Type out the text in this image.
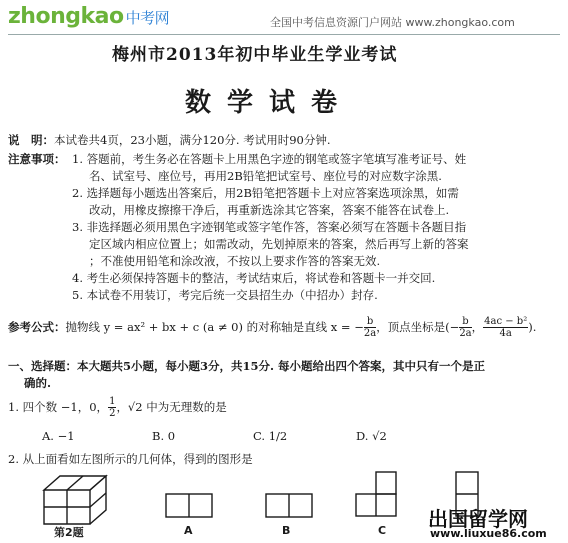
zhongkao 中考网	全国中考信息资源门户网站 www.zhongkao.com
梅州市2013年初中毕业生学业考试
数学试卷
说　明：本试卷共4页，23小题，满分120分. 考试用时90分钟.
注意事项： 1. 答题前，考生务必在答题卡上用黑色字迹的钢笔或签字笔填写准考证号、姓
名、试室号、座位号，再用2B铅笔把试室号、座位号的对应数字涂黑.
2. 选择题每小题选出答案后，用2B铅笔把答题卡上对应答案选项涂黑，如需
改动，用橡皮擦擦干净后，再重新选涂其它答案，答案不能答在试卷上.
3. 非选择题必须用黑色字迹钢笔或签字笔作答，答案必须写在答题卡各题目指
定区域内相应位置上；如需改动，先划掉原来的答案，然后再写上新的答案
；不准使用铅笔和涂改液，不按以上要求作答的答案无效.
4. 考生必须保持答题卡的整洁，考试结束后，将试卷和答题卡一并交回.
5. 本试卷不用装订，考完后统一交县招生办（中招办）封存.
参考公式： 抛物线 y = ax² + bx + c (a ≠ 0) 的对称轴是直线 x = − $\frac{b}{2a}$ ，顶点坐标是(− $\frac{b}{2a}$ ， $\frac{\text{4ac − b²}}{4a}$ ).
一、选择题：本大题共5小题，每小题3分，共15分. 每小题给出四个答案，其中只有一个是正
确的.
1. 四个数 −1，0， $\frac{1}{2}$ ，√2 中为无理数的是
A. −1	B. 0	C. 1/2	D. √2
2. 从上面看如左图所示的几何体，得到的图形是
第2题	A	B	C 出国留学网
www.liuxue86.com
